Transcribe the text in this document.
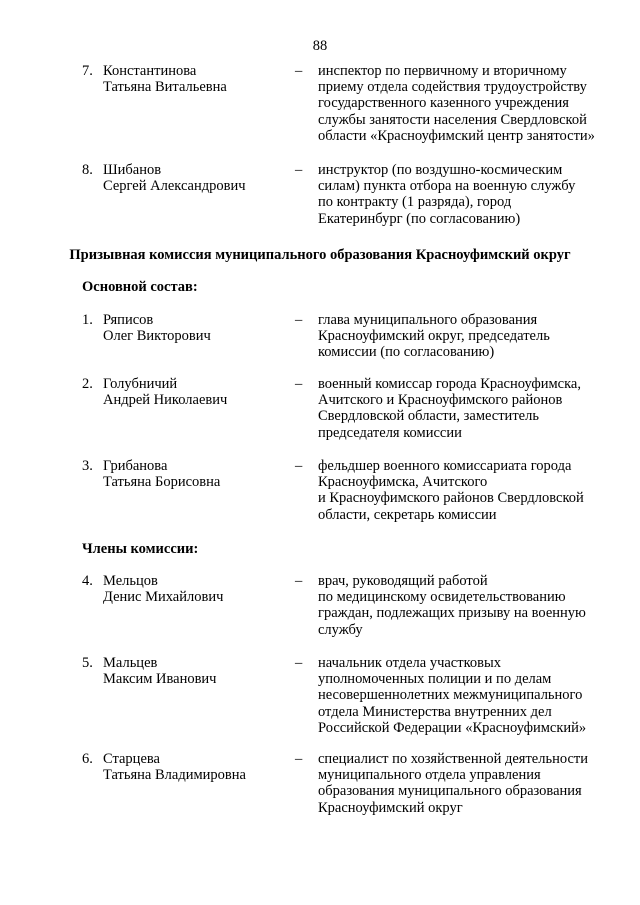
88
7. Константинова
Татьяна Витальевна
– инспектор по первичному и вторичному
приему отдела содействия трудоустройству
государственного казенного учреждения
службы занятости населения Свердловской
области «Красноуфимский центр занятости»
8. Шибанов
Сергей Александрович
– инструктор (по воздушно-космическим
силам) пункта отбора на военную службу
по контракту (1 разряда), город
Екатеринбург (по согласованию)
Призывная комиссия муниципального образования Красноуфимский округ
Основной состав:
1. Ряписов
Олег Викторович
– глава муниципального образования
Красноуфимский округ, председатель
комиссии (по согласованию)
2. Голубничий
Андрей Николаевич
– военный комиссар города Красноуфимска,
Ачитского и Красноуфимского районов
Свердловской области, заместитель
председателя комиссии
3. Грибанова
Татьяна Борисовна
– фельдшер военного комиссариата города
Красноуфимска, Ачитского
и Красноуфимского районов Свердловской
области, секретарь комиссии
Члены комиссии:
4. Мельцов
Денис Михайлович
– врач, руководящий работой
по медицинскому освидетельствованию
граждан, подлежащих призыву на военную
службу
5. Мальцев
Максим Иванович
– начальник отдела участковых
уполномоченных полиции и по делам
несовершеннолетних межмуниципального
отдела Министерства внутренних дел
Российской Федерации «Красноуфимский»
6. Старцева
Татьяна Владимировна
– специалист по хозяйственной деятельности
муниципального отдела управления
образования муниципального образования
Красноуфимский округ
